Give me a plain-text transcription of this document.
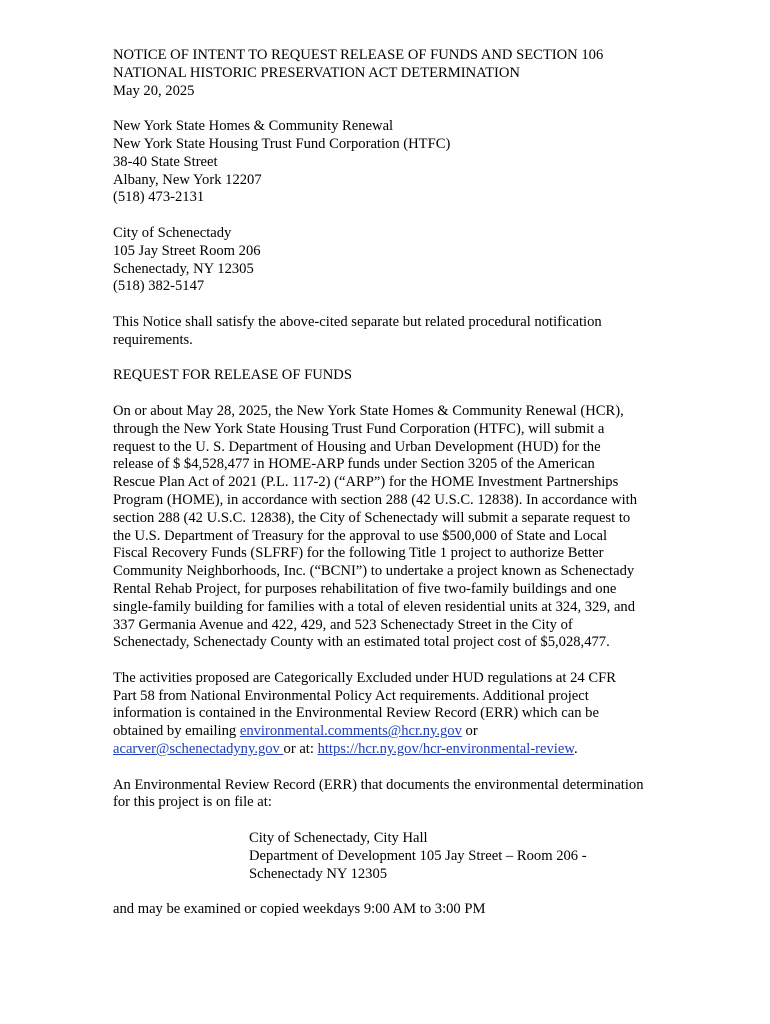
NOTICE OF INTENT TO REQUEST RELEASE OF FUNDS AND SECTION 106
NATIONAL HISTORIC PRESERVATION ACT DETERMINATION
May 20, 2025
New York State Homes & Community Renewal
New York State Housing Trust Fund Corporation (HTFC)
38-40 State Street
Albany, New York 12207
(518) 473-2131
City of Schenectady
105 Jay Street Room 206
Schenectady, NY 12305
(518) 382-5147
This Notice shall satisfy the above-cited separate but related procedural notification
requirements.
REQUEST FOR RELEASE OF FUNDS
On or about May 28, 2025, the New York State Homes & Community Renewal (HCR),
through the New York State Housing Trust Fund Corporation (HTFC), will submit a
request to the U. S. Department of Housing and Urban Development (HUD) for the
release of $ $4,528,477 in HOME-ARP funds under Section 3205 of the American
Rescue Plan Act of 2021 (P.L. 117-2) (“ARP”) for the HOME Investment Partnerships
Program (HOME), in accordance with section 288 (42 U.S.C. 12838). In accordance with
section 288 (42 U.S.C. 12838), the City of Schenectady will submit a separate request to
the U.S. Department of Treasury for the approval to use $500,000 of State and Local
Fiscal Recovery Funds (SLFRF) for the following Title 1 project to authorize Better
Community Neighborhoods, Inc. (“BCNI”) to undertake a project known as Schenectady
Rental Rehab Project, for purposes rehabilitation of five two-family buildings and one
single-family building for families with a total of eleven residential units at 324, 329, and
337 Germania Avenue and 422, 429, and 523 Schenectady Street in the City of
Schenectady, Schenectady County with an estimated total project cost of $5,028,477.
The activities proposed are Categorically Excluded under HUD regulations at 24 CFR
Part 58 from National Environmental Policy Act requirements. Additional project
information is contained in the Environmental Review Record (ERR) which can be
obtained by emailing environmental.comments@hcr.ny.gov or
acarver@schenectadyny.gov or at: https://hcr.ny.gov/hcr-environmental-review.
An Environmental Review Record (ERR) that documents the environmental determination
for this project is on file at:
City of Schenectady, City Hall
Department of Development 105 Jay Street – Room 206 -
Schenectady NY 12305
and may be examined or copied weekdays 9:00 AM to 3:00 PM
